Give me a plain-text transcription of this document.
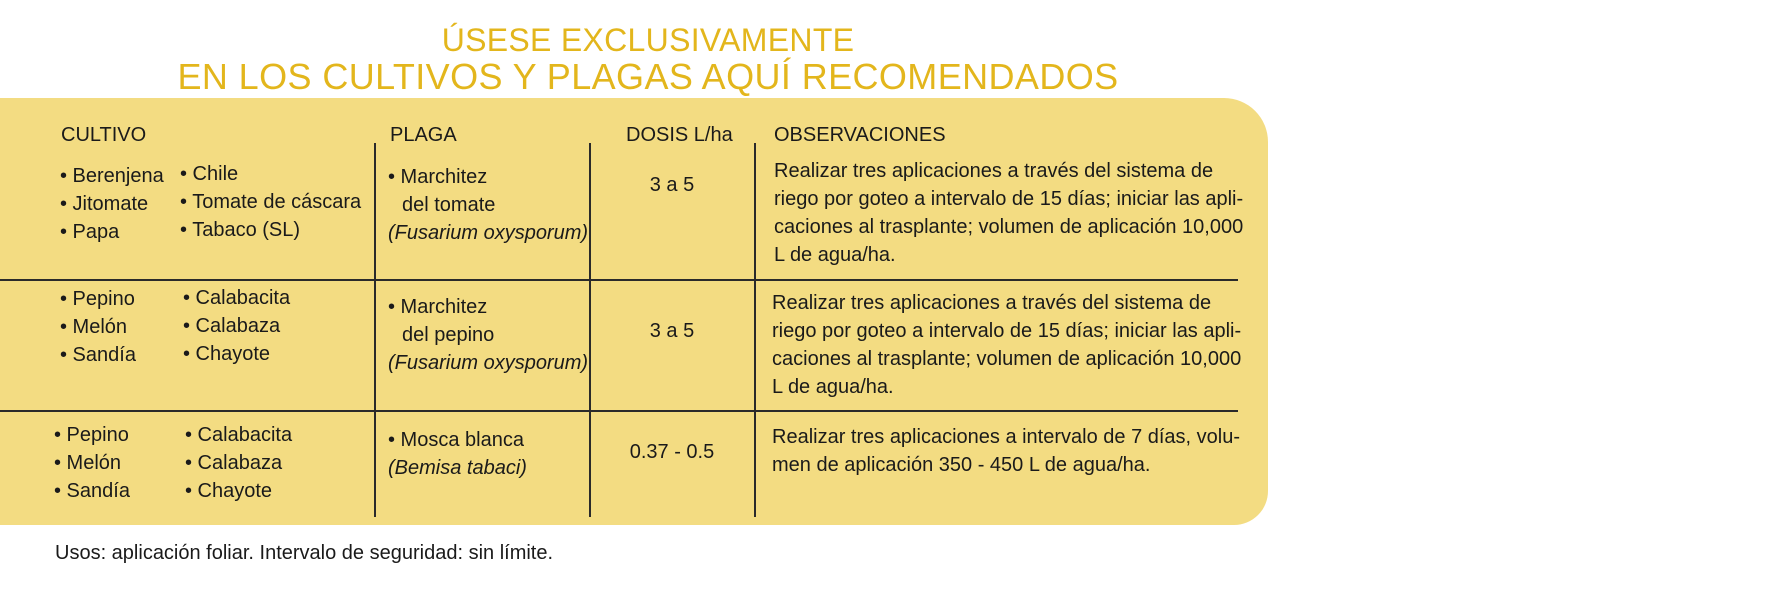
ÚSESE EXCLUSIVAMENTE
EN LOS CULTIVOS Y PLAGAS AQUÍ RECOMENDADOS
CULTIVO	PLAGA	DOSIS L/ha OBSERVACIONES
• Berenjena
• Jitomate
• Papa
• Chile
• Tomate de cáscara
• Tabaco (SL)
• Marchitez
del tomate
(Fusarium oxysporum)
3 a 5
Realizar tres aplicaciones a través del sistema de
riego por goteo a intervalo de 15 días; iniciar las apli-
caciones al trasplante; volumen de aplicación 10,000
L de agua/ha.
• Pepino
• Melón
• Sandía
• Calabacita
• Calabaza
• Chayote
• Marchitez
del pepino
(Fusarium oxysporum)
3 a 5
Realizar tres aplicaciones a través del sistema de
riego por goteo a intervalo de 15 días; iniciar las apli-
caciones al trasplante; volumen de aplicación 10,000
L de agua/ha.
• Pepino
• Melón
• Sandía
• Calabacita
• Calabaza
• Chayote
• Mosca blanca
(Bemisa tabaci)
0.37 - 0.5
Realizar tres aplicaciones a intervalo de 7 días, volu-
men de aplicación 350 - 450 L de agua/ha.
Usos: aplicación foliar. Intervalo de seguridad: sin límite.
